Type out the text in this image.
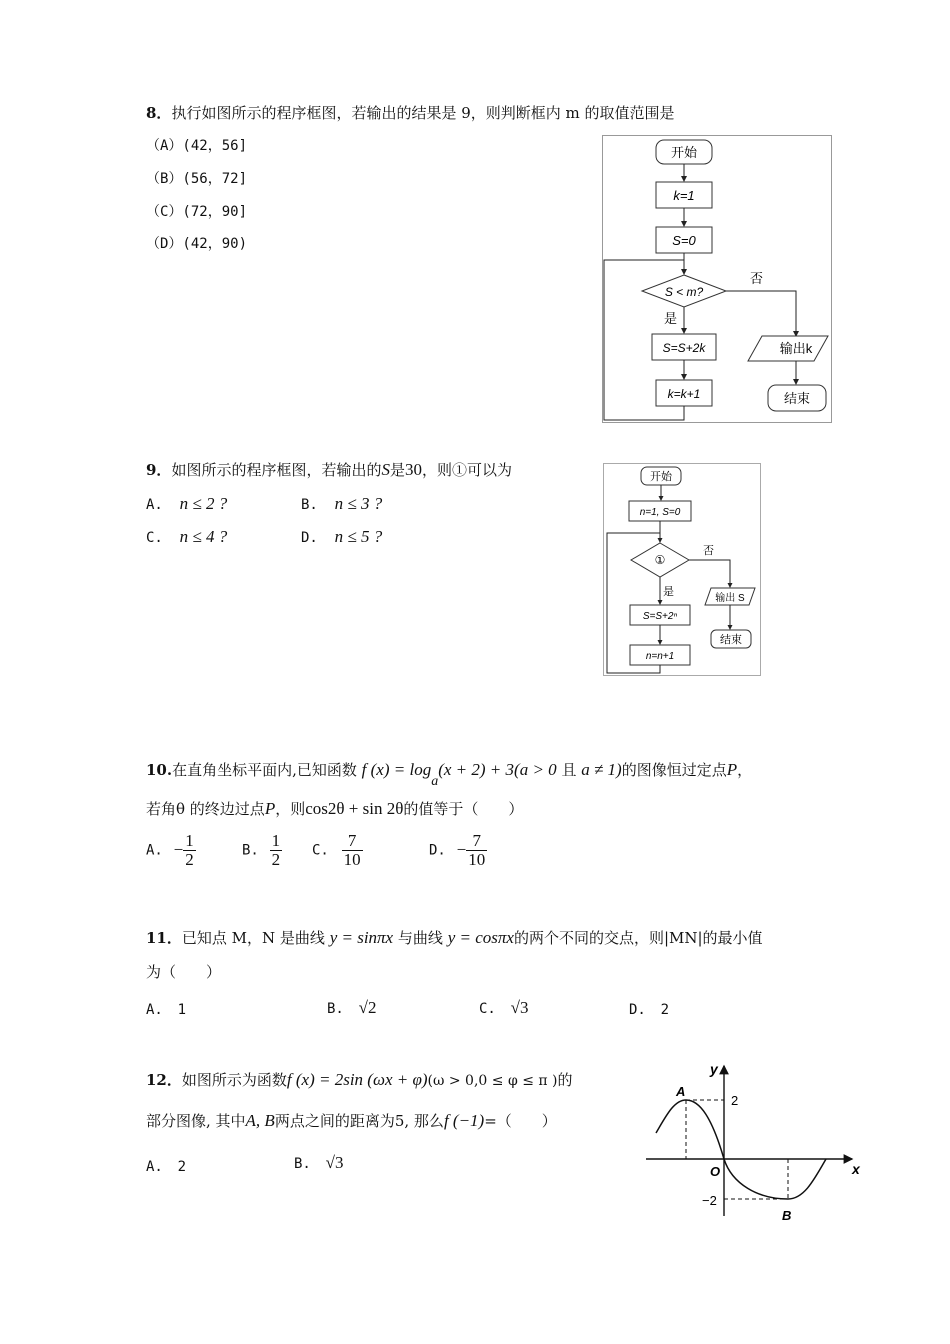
8．执行如图所示的程序框图，若输出的结果是 9，则判断框内 m 的取值范围是
（A）(42，56]
（B）(56，72]
（C）(72，90]
（D）(42，90)
开始
k=1
S=0
S < m?
否
输出k
结束
是
S=S+2k
k=k+1
9．如图所示的程序框图，若输出的S是30，则①可以为
A. n ≤ 2 ?	B. n ≤ 3 ?
C. n ≤ 4 ?	D. n ≤ 5 ?
开始
n=1, S=0
①
否
输出 S
结束
是
S=S+2ⁿ
n=n+1
10.在直角坐标平面内,已知函数 f $(x) = \log_a(x + 2) + 3(a > 0$ 且 a ≠ 1)的图像恒过定点P，
若角θ 的终边过点P，则cos2θ + sin 2θ的值等于（　　）
A. − $\frac{1}{2}$	B. $\frac{1}{2} C$. $\frac{7}{10}$	D. − $\frac{7}{10}$
11．已知点 M，N 是曲线 y = sinπx 与曲线 y = cosπx的两个不同的交点，则|MN|的最小值
为（　　）
A. 1	B. √2	C. √3	D. 2
12．如图所示为函数f (x) = 2sin (ωx + φ)(ω > 0,0 ≤ φ ≤ π )的
部分图像, 其中A, B两点之间的距离为5, 那么f (−1)=（　　）
A. 2	B. √3
y
x
O
2
−2
A
B
